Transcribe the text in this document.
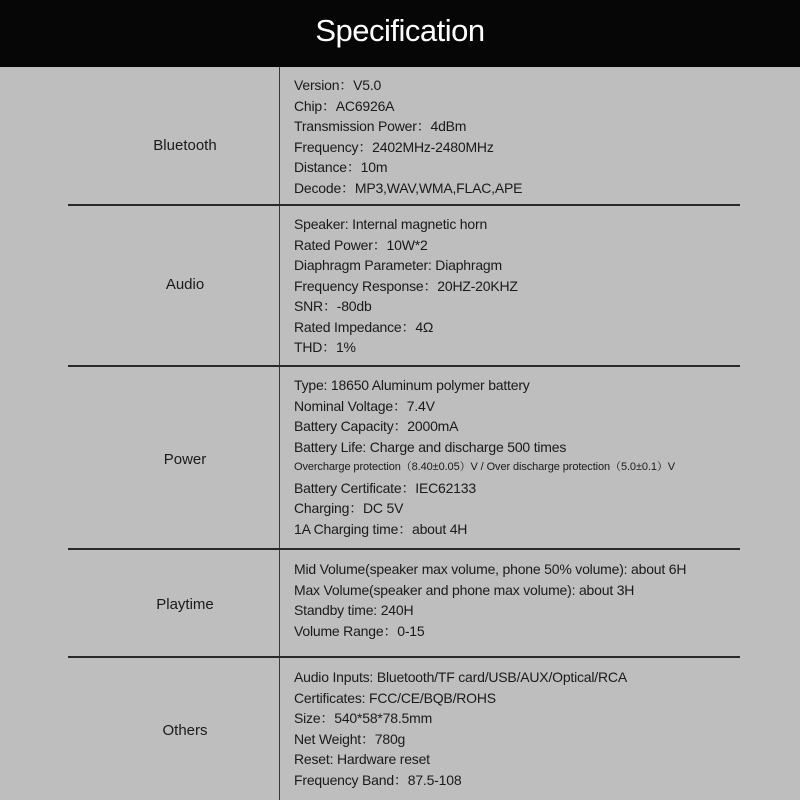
Specification
Bluetooth
Version：V5.0
Chip：AC6926A
Transmission Power：4dBm
Frequency：2402MHz-2480MHz
Distance：10m
Decode：MP3,WAV,WMA,FLAC,APE
Audio
Speaker: Internal magnetic horn
Rated Power：10W*2
Diaphragm Parameter: Diaphragm
Frequency Response：20HZ-20KHZ
SNR：-80db
Rated Impedance：4Ω
THD：1%
Power
Type: 18650 Aluminum polymer battery
Nominal Voltage：7.4V
Battery Capacity：2000mA
Battery Life: Charge and discharge 500 times
Overcharge protection（8.40±0.05）V / Over discharge protection（5.0±0.1）V
Battery Certificate：IEC62133
Charging：DC 5V
1A Charging time：about 4H
Playtime
Mid Volume(speaker max volume, phone 50% volume): about 6H
Max Volume(speaker and phone max volume): about 3H
Standby time: 240H
Volume Range：0-15
Others
Audio Inputs: Bluetooth/TF card/USB/AUX/Optical/RCA
Certificates: FCC/CE/BQB/ROHS
Size：540*58*78.5mm
Net Weight：780g
Reset: Hardware reset
Frequency Band：87.5-108
